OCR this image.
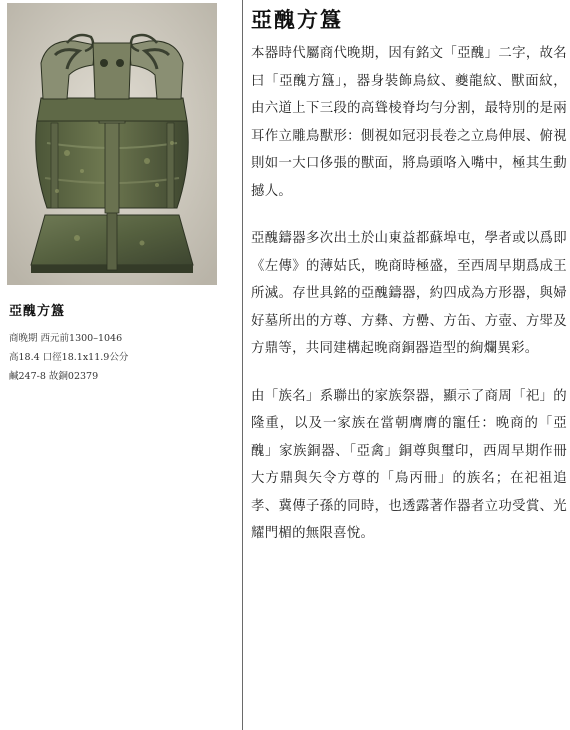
亞醜方簋
商晚期 西元前1300–1046
高18.4 口徑18.1x11.9公分
鹹247-8 故銅02379
亞醜方簋

本器時代屬商代晚期，因有銘文「亞醜」二字，故名曰「亞醜方簋」，器身裝飾鳥紋、夔龍紋、獸面紋，由六道上下三段的高聳棱脊均勻分割，最特別的是兩耳作立雕鳥獸形：側視如冠羽長卷之立鳥伸展、俯視則如一大口侈張的獸面，將鳥頭咯入嘴中，極其生動撼人。

亞醜鑄器多次出土於山東益都蘇埠屯，學者或以爲即《左傳》的薄姑氏，晚商時極盛，至西周早期爲成王所滅。存世具銘的亞醜鑄器，約四成為方形器，與婦好墓所出的方尊、方彝、方罍、方缶、方壺、方斝及方鼎等，共同建構起晚商銅器造型的絢爛異彩。

由「族名」系聯出的家族祭器，顯示了商周「祀」的隆重，以及一家族在當朝膺膺的寵任：晚商的「亞醜」家族銅器、「亞禽」銅尊與璽印，西周早期作冊大方鼎與矢令方尊的「鳥丙冊」的族名；在祀祖追孝、冀傳子孫的同時，也透露著作器者立功受賞、光耀門楣的無限喜悅。
